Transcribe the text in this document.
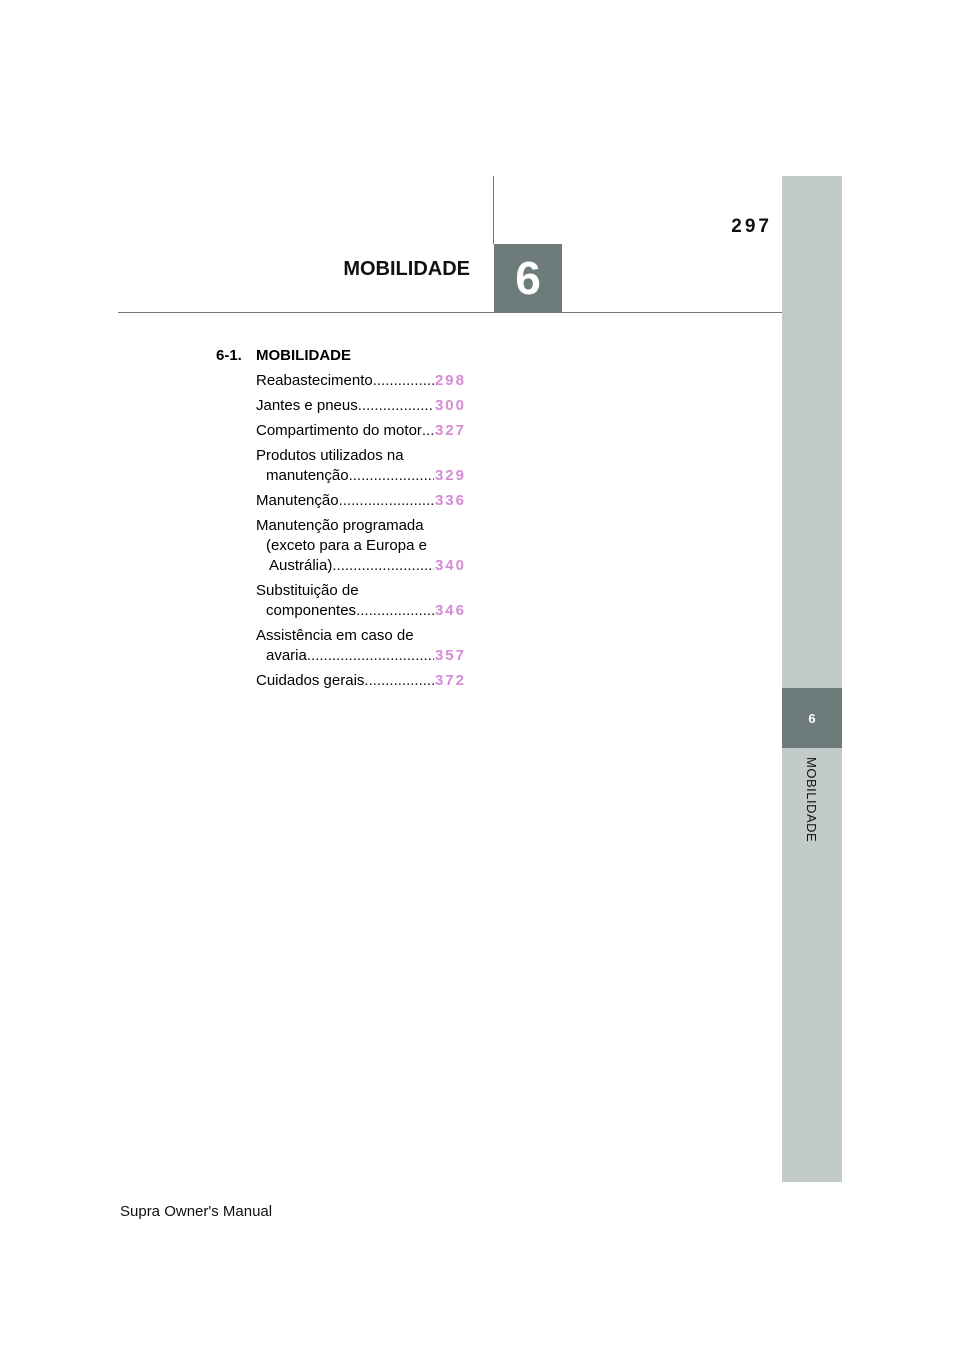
297
MOBILIDADE 6
6
MOBILIDADE
6-1. MOBILIDADE
Reabastecimento .....	298
Jantes e pneus .....	300
Compartimento do motor ..... 327
Produtos utilizados na
manutenção .....	329
Manutenção .....	336
Manutenção programada
(exceto para a Europa e
Austrália) .....	340
Substituição de
componentes .....	346
Assistência em caso de
avaria .....	357
Cuidados gerais .....	372
Supra Owner's Manual
